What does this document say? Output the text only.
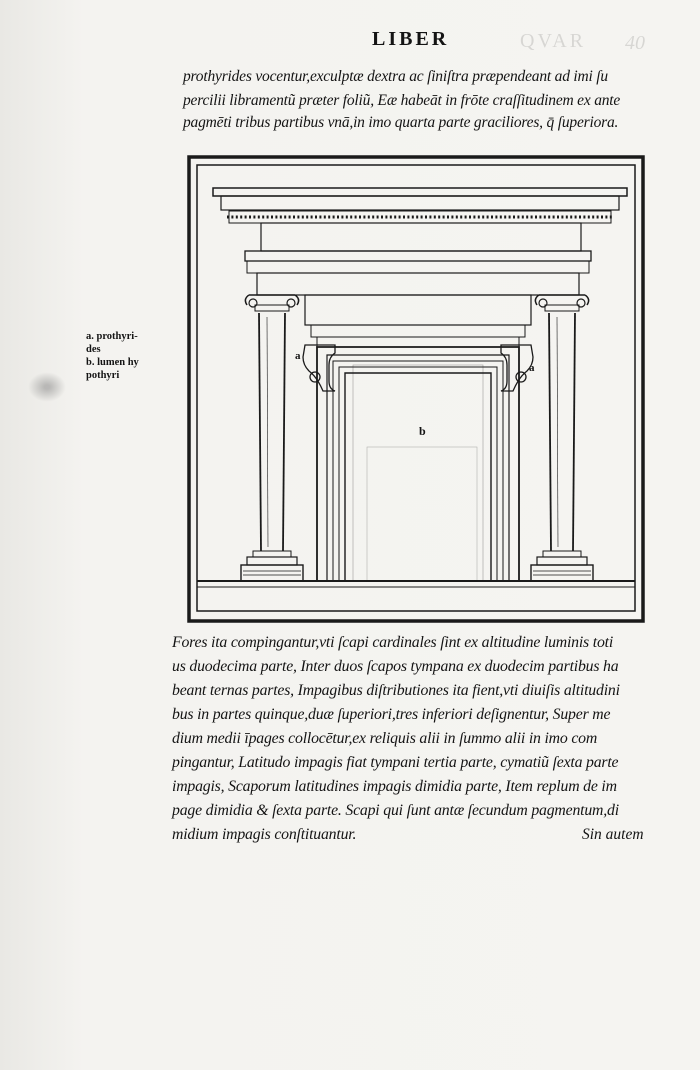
QVAR 40
LIBER
prothyrides vocentur,exculptæ dextra ac ſiniſtra præpendeant ad imi ſu
percilii libramentũ præter foliũ, Eæ habeāt in frōte craſſitudinem ex ante
pagmēti tribus partibus vnā,in imo quarta parte graciliores, q̄ ſuperiora.
a. prothyri-
des
b. lumen hy
pothyri
a
a
b
Fores ita compingantur,vti ſcapi cardinales ſint ex altitudine luminis toti
us duodecima parte, Inter duos ſcapos tympana ex duodecim partibus ha
beant ternas partes, Impagibus diſtributiones ita fient,vti diuiſis altitudini
bus in partes quinque,duæ ſuperiori,tres inferiori deſignentur, Super me
dium medii īpages collocētur,ex reliquis alii in ſummo alii in imo com
pingantur, Latitudo impagis fiat tympani tertia parte, cymatiũ ſexta parte
impagis, Scaporum latitudines impagis dimidia parte, Item replum de im
page dimidia & ſexta parte. Scapi qui ſunt antæ ſecundum pagmentum,di
midium impagis conſtituantur.	Sin autem
